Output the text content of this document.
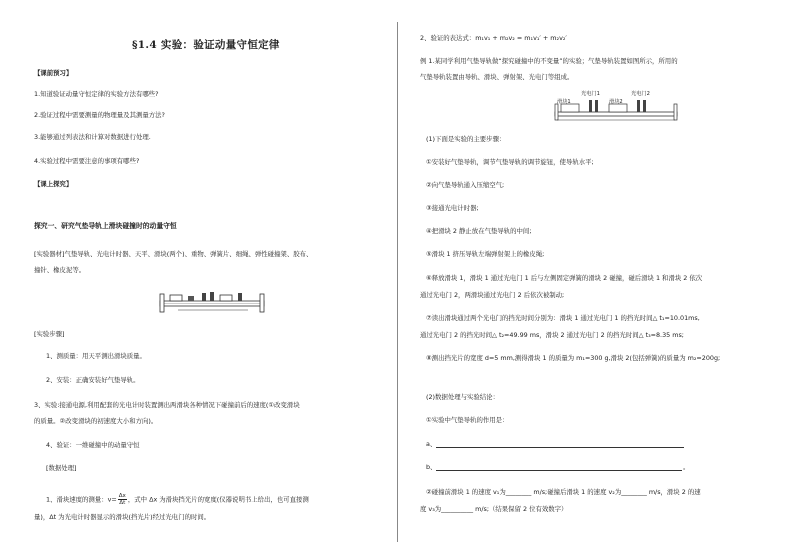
§1.4 实验：验证动量守恒定律
【课前预习】
1.知道验证动量守恒定律的实验方法有哪些?
2.验证过程中需要测量的物理量及其测量方法?
3.能够通过列表法和计算对数据进行处理.
4.实验过程中需要注意的事项有哪些?
【课上探究】
探究一、研究气垫导轨上滑块碰撞时的动量守恒
[实验器材]气垫导轨、光电计时器、天平、滑块(两个)、重物、弹簧片、细绳、弹性碰撞架、胶布、
撞针、橡皮泥等。
[实验步骤]
1、测质量：用天平测出滑块质量。
2、安装：正确安装好气垫导轨。
3、实验:接通电源,利用配套的光电计时装置测出两滑块各种情况下碰撞前后的速度(①改变滑块
的质量。②改变滑块的初速度大小和方向)。
4、验证：一维碰撞中的动量守恒
[数据处理]
1、滑块速度的测量：$v= \frac{\Delta x}{\Delta t}$ ，式中 Δx 为滑块挡光片的宽度(仪器说明书上给出，也可直接测
量)，Δt 为光电计时器显示的滑块(挡光片)经过光电门的时间。
2、验证的表达式：m₁v₁ + m₂v₂ = m₁v₁′ + m₂v₂′
例 1.某同学利用气垫导轨做“探究碰撞中的不变量”的实验；气垫导轨装置如图所示，所用的
气垫导轨装置由导轨、滑块、弹射架、光电门等组成。
滑块1
光电门1
滑块2
光电门2
(1)下面是实验的主要步骤：
①安装好气垫导轨，调节气垫导轨的调节旋钮，使导轨水平;
②向气垫导轨通入压缩空气;
③接通光电计时器;
④把滑块 2 静止放在气垫导轨的中间;
⑤滑块 1 挤压导轨左端弹射架上的橡皮绳;
⑥释放滑块 1，滑块 1 通过光电门 1 后与左侧固定弹簧的滑块 2 碰撞，碰后滑块 1 和滑块 2 依次
通过光电门 2，两滑块通过光电门 2 后依次被制动;
⑦读出滑块通过两个光电门的挡光时间分别为：滑块 1 通过光电门 1 的挡光时间△ t₁=10.01ms,
通过光电门 2 的挡光时间△ t₂=49.99 ms，滑块 2 通过光电门 2 的挡光时间△ t₃=8.35 ms;
⑧测出挡光片的宽度 d=5 mm,测得滑块 1 的质量为 m₁=300 g,滑块 2(包括弹簧)的质量为 m₂=200g;
(2)数据处理与实验结论：
①实验中气垫导轨的作用是：
a、
b、	。
②碰撞前滑块 1 的速度 v₁为________ m/s;碰撞后滑块 1 的速度 v₂为________ m/s，滑块 2 的速
度 v₃为__________ m/s;（结果保留 2 位有效数字）
